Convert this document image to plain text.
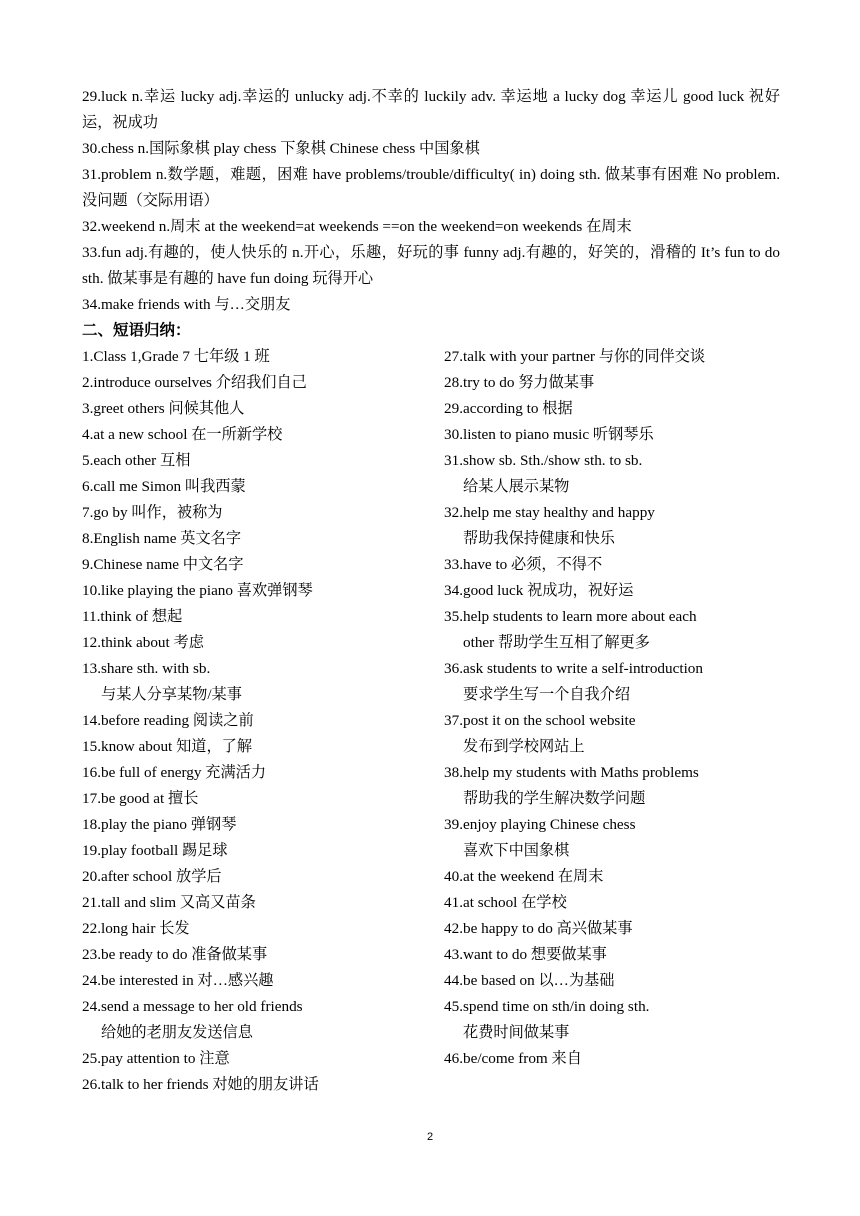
29.luck n.幸运 lucky adj.幸运的 unlucky adj.不幸的 luckily adv. 幸运地 a lucky dog 幸运儿 good luck 祝好运，祝成功

30.chess n.国际象棋 play chess 下象棋 Chinese chess 中国象棋

31.problem n.数学题，难题，困难 have problems/trouble/difficulty( in) doing sth. 做某事有困难 No problem.没问题（交际用语）

32.weekend n.周末 at the weekend=at weekends ==on the weekend=on weekends 在周末

33.fun adj.有趣的，使人快乐的 n.开心，乐趣，好玩的事 funny adj.有趣的，好笑的，滑稽的 It’s fun to do sth. 做某事是有趣的 have fun doing 玩得开心

34.make friends with 与…交朋友

二、短语归纳：

1.Class 1,Grade 7 七年级 1 班

2.introduce ourselves 介绍我们自己

3.greet others 问候其他人

4.at a new school 在一所新学校

5.each other 互相

6.call me Simon 叫我西蒙

7.go by 叫作，被称为

8.English name 英文名字

9.Chinese name 中文名字

10.like playing the piano 喜欢弹钢琴

11.think of 想起

12.think about 考虑

13.share sth. with sb.

与某人分享某物/某事

14.before reading 阅读之前

15.know about 知道，了解

16.be full of energy 充满活力

17.be good at 擅长

18.play the piano 弹钢琴

19.play football 踢足球

20.after school 放学后

21.tall and slim 又高又苗条

22.long hair 长发

23.be ready to do 准备做某事

24.be interested in 对…感兴趣

24.send a message to her old friends

给她的老朋友发送信息

25.pay attention to 注意

26.talk to her friends 对她的朋友讲话

27.talk with your partner 与你的同伴交谈

28.try to do 努力做某事

29.according to 根据

30.listen to piano music 听钢琴乐

31.show sb. Sth./show sth. to sb.

给某人展示某物

32.help me stay healthy and happy

帮助我保持健康和快乐

33.have to 必须，不得不

34.good luck 祝成功，祝好运

35.help students to learn more about each

other 帮助学生互相了解更多

36.ask students to write a self-introduction

要求学生写一个自我介绍

37.post it on the school website

发布到学校网站上

38.help my students with Maths problems

帮助我的学生解决数学问题

39.enjoy playing Chinese chess

喜欢下中国象棋

40.at the weekend 在周末

41.at school 在学校

42.be happy to do 高兴做某事

43.want to do 想要做某事

44.be based on 以…为基础

45.spend time on sth/in doing sth.

花费时间做某事

46.be/come from 来自

2
